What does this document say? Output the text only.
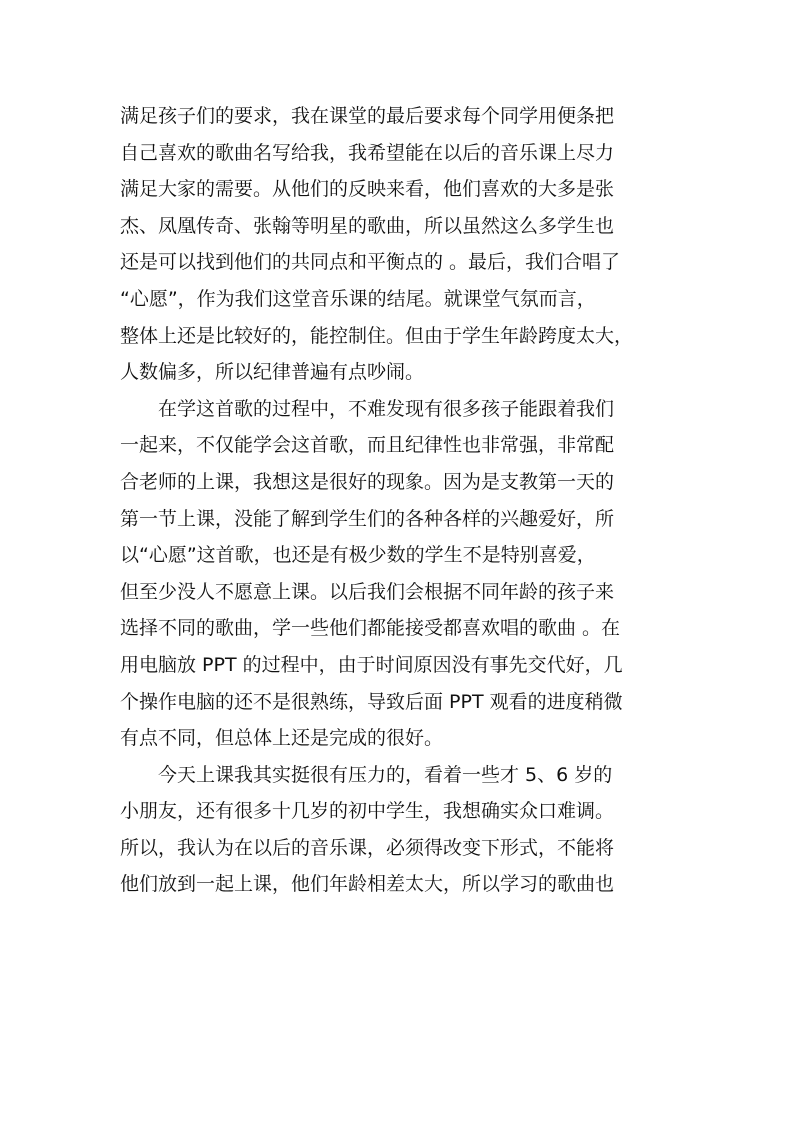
满足孩子们的要求，我在课堂的最后要求每个同学用便条把
自己喜欢的歌曲名写给我，我希望能在以后的音乐课上尽力
满足大家的需要。从他们的反映来看，他们喜欢的大多是张
杰、凤凰传奇、张翰等明星的歌曲，所以虽然这么多学生也
还是可以找到他们的共同点和平衡点的 。最后，我们合唱了
“心愿”，作为我们这堂音乐课的结尾。就课堂气氛而言，
整体上还是比较好的，能控制住。但由于学生年龄跨度太大，
人数偏多，所以纪律普遍有点吵闹。
在学这首歌的过程中，不难发现有很多孩子能跟着我们
一起来，不仅能学会这首歌，而且纪律性也非常强，非常配
合老师的上课，我想这是很好的现象。因为是支教第一天的
第一节上课，没能了解到学生们的各种各样的兴趣爱好，所
以“心愿”这首歌，也还是有极少数的学生不是特别喜爱，
但至少没人不愿意上课。以后我们会根据不同年龄的孩子来
选择不同的歌曲，学一些他们都能接受都喜欢唱的歌曲 。在
用电脑放 PPT 的过程中，由于时间原因没有事先交代好，几
个操作电脑的还不是很熟练，导致后面 PPT 观看的进度稍微
有点不同，但总体上还是完成的很好。
今天上课我其实挺很有压力的，看着一些才 5、6 岁的
小朋友，还有很多十几岁的初中学生，我想确实众口难调。
所以，我认为在以后的音乐课，必须得改变下形式，不能将
他们放到一起上课，他们年龄相差太大，所以学习的歌曲也
